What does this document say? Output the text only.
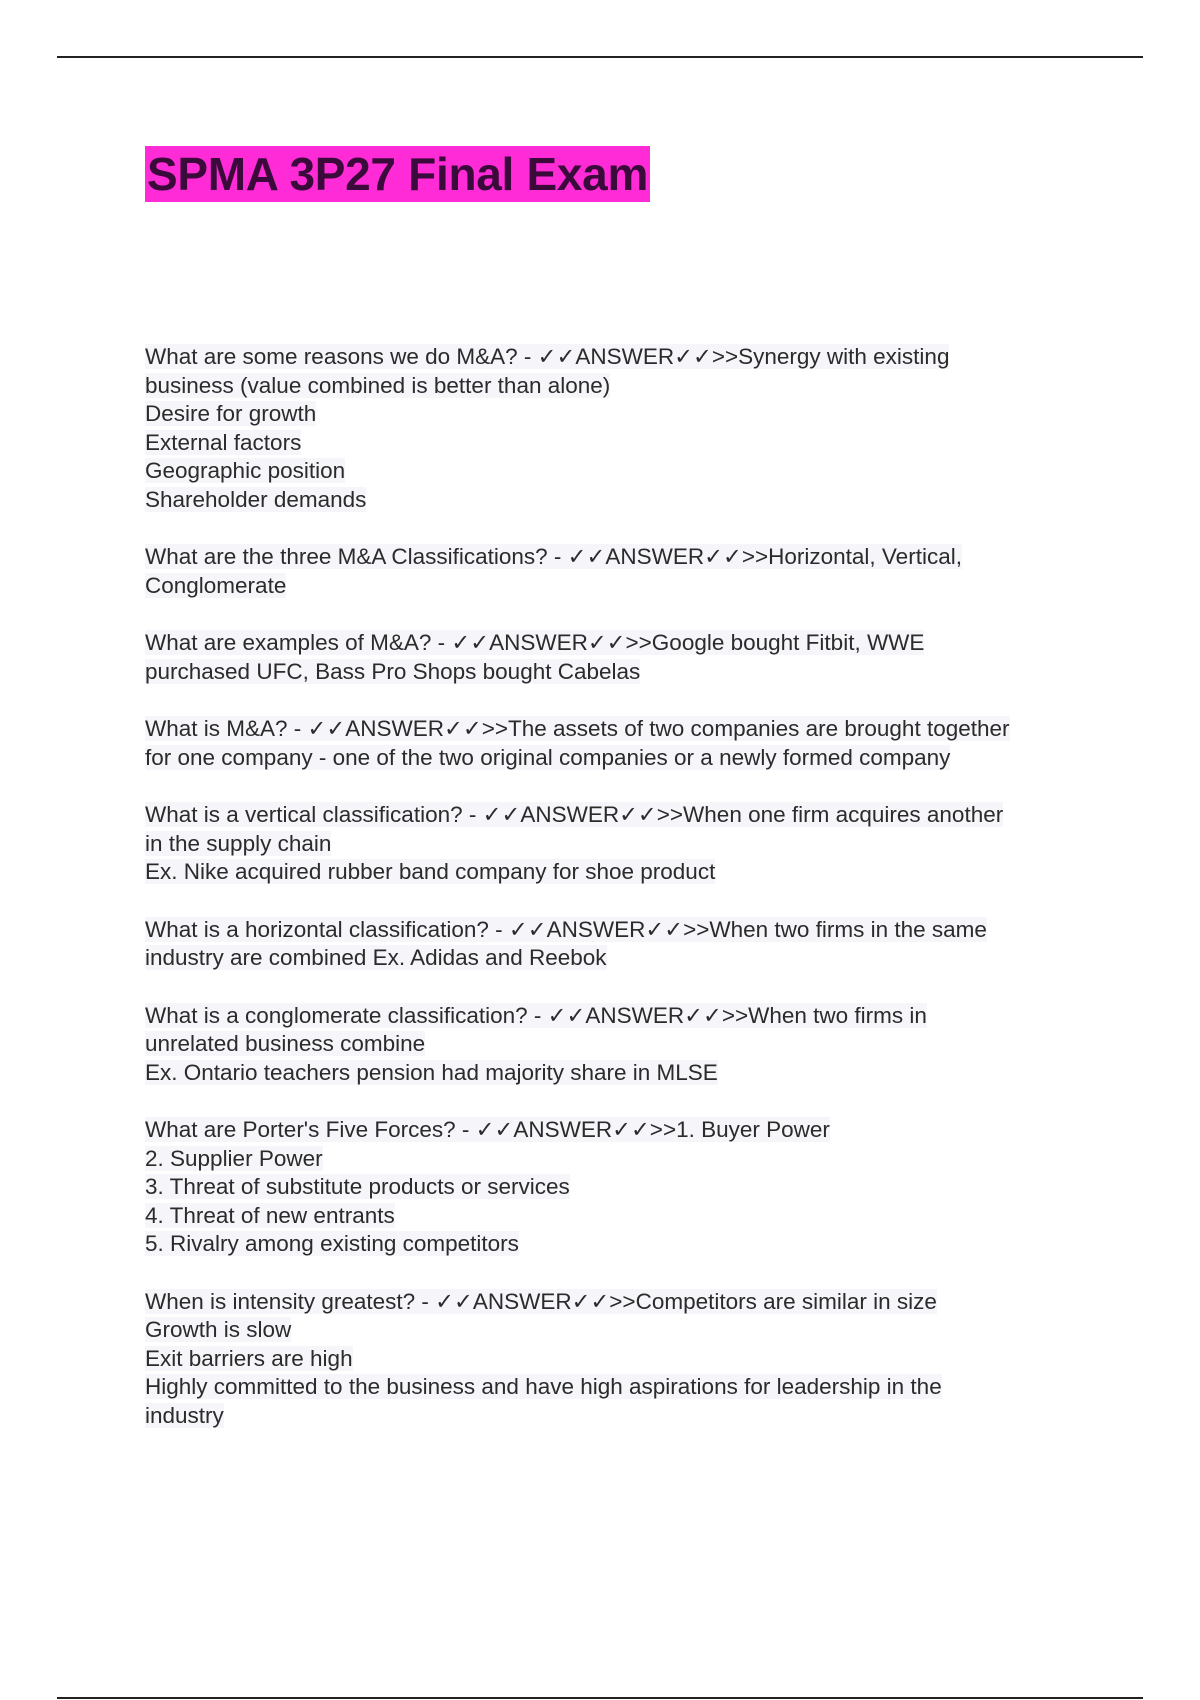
SPMA 3P27 Final Exam
What are some reasons we do M&A? - ✓✓ANSWER✓✓>>Synergy with existing
business (value combined is better than alone)
Desire for growth
External factors
Geographic position
Shareholder demands
What are the three M&A Classifications? - ✓✓ANSWER✓✓>>Horizontal, Vertical,
Conglomerate
What are examples of M&A? - ✓✓ANSWER✓✓>>Google bought Fitbit, WWE
purchased UFC, Bass Pro Shops bought Cabelas
What is M&A? - ✓✓ANSWER✓✓>>The assets of two companies are brought together
for one company - one of the two original companies or a newly formed company
What is a vertical classification? - ✓✓ANSWER✓✓>>When one firm acquires another
in the supply chain
Ex. Nike acquired rubber band company for shoe product
What is a horizontal classification? - ✓✓ANSWER✓✓>>When two firms in the same
industry are combined Ex. Adidas and Reebok
What is a conglomerate classification? - ✓✓ANSWER✓✓>>When two firms in
unrelated business combine
Ex. Ontario teachers pension had majority share in MLSE
What are Porter's Five Forces? - ✓✓ANSWER✓✓>>1. Buyer Power
2. Supplier Power
3. Threat of substitute products or services
4. Threat of new entrants
5. Rivalry among existing competitors
When is intensity greatest? - ✓✓ANSWER✓✓>>Competitors are similar in size
Growth is slow
Exit barriers are high
Highly committed to the business and have high aspirations for leadership in the
industry
